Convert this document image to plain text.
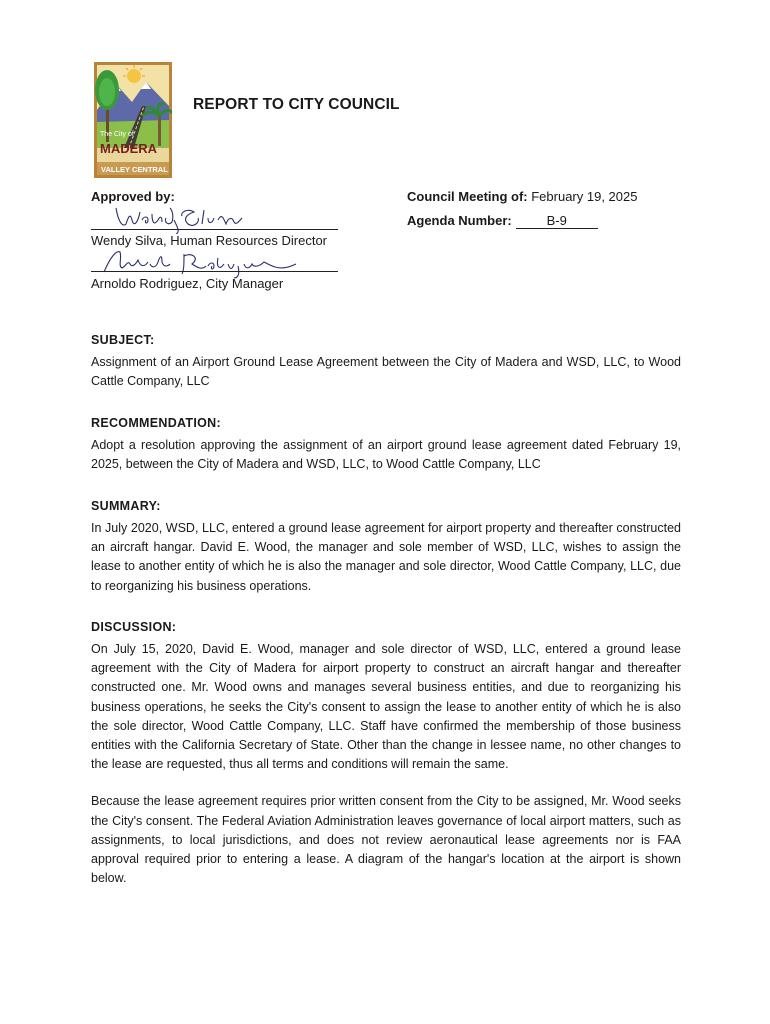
The City of
MADERA
VALLEY CENTRAL
REPORT TO CITY COUNCIL
Approved by:
Wendy Silva, Human Resources Director
Arnoldo Rodriguez, City Manager
Council Meeting of: February 19, 2025
Agenda Number:	B-9
SUBJECT:
Assignment of an Airport Ground Lease Agreement between the City of Madera and WSD, LLC, to Wood Cattle Company, LLC
RECOMMENDATION:
Adopt a resolution approving the assignment of an airport ground lease agreement dated February 19, 2025, between the City of Madera and WSD, LLC, to Wood Cattle Company, LLC
SUMMARY:
In July 2020, WSD, LLC, entered a ground lease agreement for airport property and thereafter constructed an aircraft hangar. David E. Wood, the manager and sole member of WSD, LLC, wishes to assign the lease to another entity of which he is also the manager and sole director, Wood Cattle Company, LLC, due to reorganizing his business operations.
DISCUSSION:
On July 15, 2020, David E. Wood, manager and sole director of WSD, LLC, entered a ground lease agreement with the City of Madera for airport property to construct an aircraft hangar and thereafter constructed one. Mr. Wood owns and manages several business entities, and due to reorganizing his business operations, he seeks the City's consent to assign the lease to another entity of which he is also the sole director, Wood Cattle Company, LLC. Staff have confirmed the membership of those business entities with the California Secretary of State. Other than the change in lessee name, no other changes to the lease are requested, thus all terms and conditions will remain the same.
Because the lease agreement requires prior written consent from the City to be assigned, Mr. Wood seeks the City's consent. The Federal Aviation Administration leaves governance of local airport matters, such as assignments, to local jurisdictions, and does not review aeronautical lease agreements nor is FAA approval required prior to entering a lease. A diagram of the hangar's location at the airport is shown below.
